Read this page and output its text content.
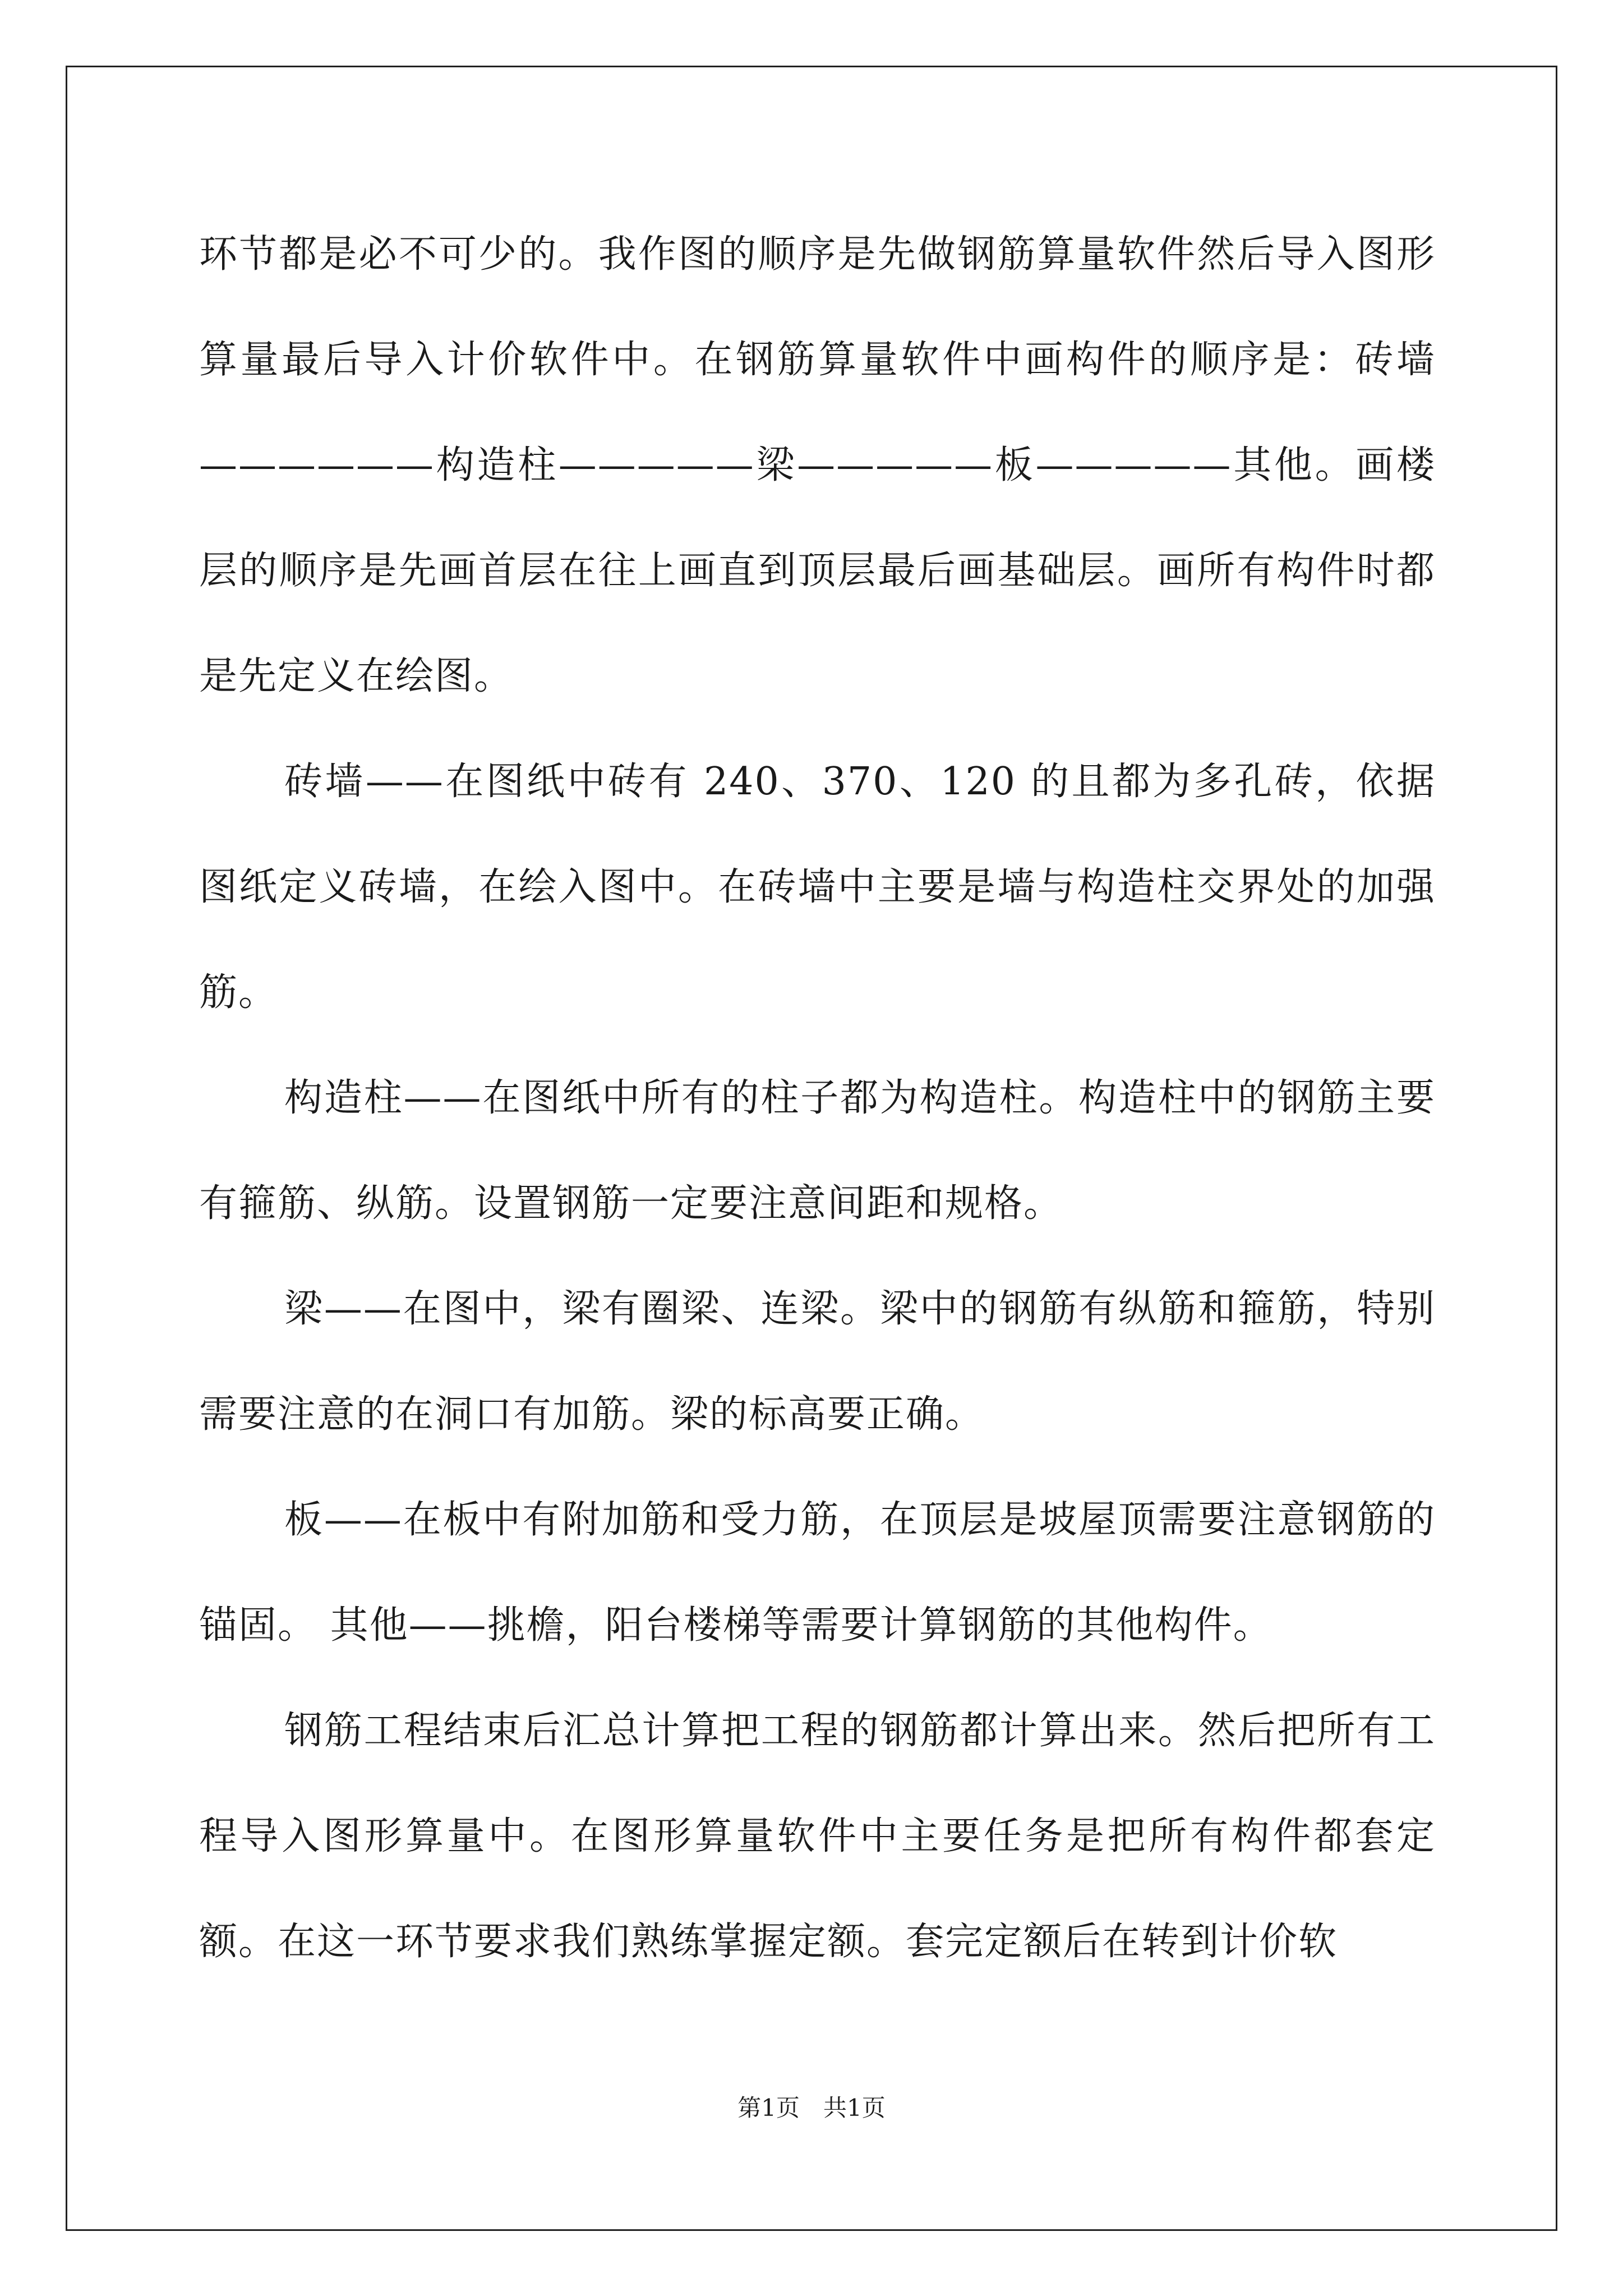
环节都是必不可少的。我作图的顺序是先做钢筋算量软件然后导入图形算量最后导入计价软件中。在钢筋算量软件中画构件的顺序是：砖墙——————构造柱—————梁—————板—————其他。画楼层的顺序是先画首层在往上画直到顶层最后画基础层。画所有构件时都是先定义在绘图。

砖墙——在图纸中砖有 240、370、120 的且都为多孔砖，依据图纸定义砖墙，在绘入图中。在砖墙中主要是墙与构造柱交界处的加强筋。

构造柱——在图纸中所有的柱子都为构造柱。构造柱中的钢筋主要有箍筋、纵筋。设置钢筋一定要注意间距和规格。

梁——在图中，梁有圈梁、连梁。梁中的钢筋有纵筋和箍筋，特别需要注意的在洞口有加筋。梁的标高要正确。

板——在板中有附加筋和受力筋，在顶层是坡屋顶需要注意钢筋的锚固。 其他——挑檐，阳台楼梯等需要计算钢筋的其他构件。

钢筋工程结束后汇总计算把工程的钢筋都计算出来。然后把所有工程导入图形算量中。在图形算量软件中主要任务是把所有构件都套定额。在这一环节要求我们熟练掌握定额。套完定额后在转到计价软

第1页　共1页
